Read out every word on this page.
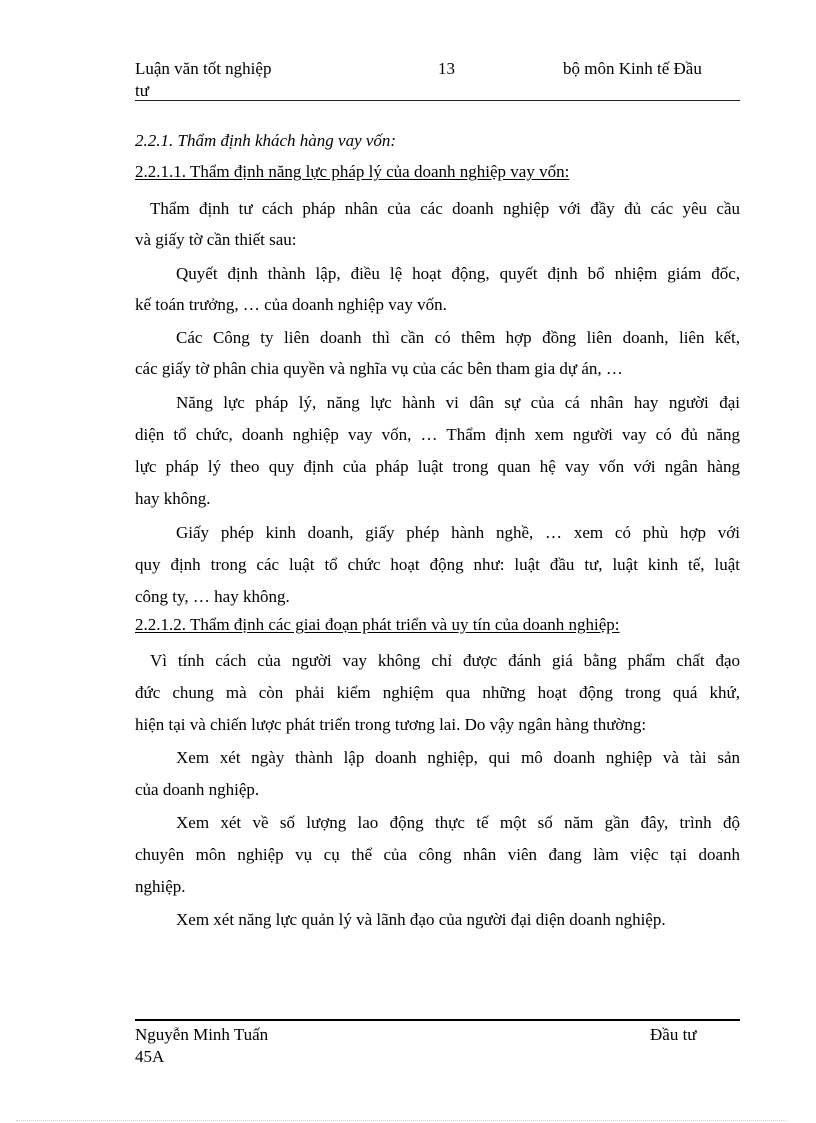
Luận văn tốt nghiệp	13	bộ môn Kinh tế Đầu
tư
2.2.1. Thẩm định khách hàng vay vốn:
2.2.1.1. Thẩm định năng lực pháp lý của doanh nghiệp vay vốn:
Thẩm định tư cách pháp nhân của các doanh nghiệp với đầy đủ các yêu cầu
và giấy tờ cần thiết sau:
Quyết định thành lập, điều lệ hoạt động, quyết định bổ nhiệm giám đốc,
kế toán trưởng, … của doanh nghiệp vay vốn.
Các Công ty liên doanh thì cần có thêm hợp đồng liên doanh, liên kết,
các giấy tờ phân chia quyền và nghĩa vụ của các bên tham gia dự án, …
Năng lực pháp lý, năng lực hành vi dân sự của cá nhân hay người đại
diện tổ chức, doanh nghiệp vay vốn, … Thẩm định xem người vay có đủ năng
lực pháp lý theo quy định của pháp luật trong quan hệ vay vốn với ngân hàng
hay không.
Giấy phép kinh doanh, giấy phép hành nghề, … xem có phù hợp với
quy định trong các luật tổ chức hoạt động như: luật đầu tư, luật kinh tế, luật
công ty, … hay không.
2.2.1.2. Thẩm định các giai đoạn phát triển và uy tín của doanh nghiệp:
Vì tính cách của người vay không chỉ được đánh giá bằng phẩm chất đạo
đức chung mà còn phải kiểm nghiệm qua những hoạt động trong quá khứ,
hiện tại và chiến lược phát triển trong tương lai. Do vậy ngân hàng thường:
Xem xét ngày thành lập doanh nghiệp, qui mô doanh nghiệp và tài sản
của doanh nghiệp.
Xem xét về số lượng lao động thực tế một số năm gần đây, trình độ
chuyên môn nghiệp vụ cụ thể của công nhân viên đang làm việc tại doanh
nghiệp.
Xem xét năng lực quản lý và lãnh đạo của người đại diện doanh nghiệp.
Nguyễn Minh Tuấn	Đầu tư
45A
